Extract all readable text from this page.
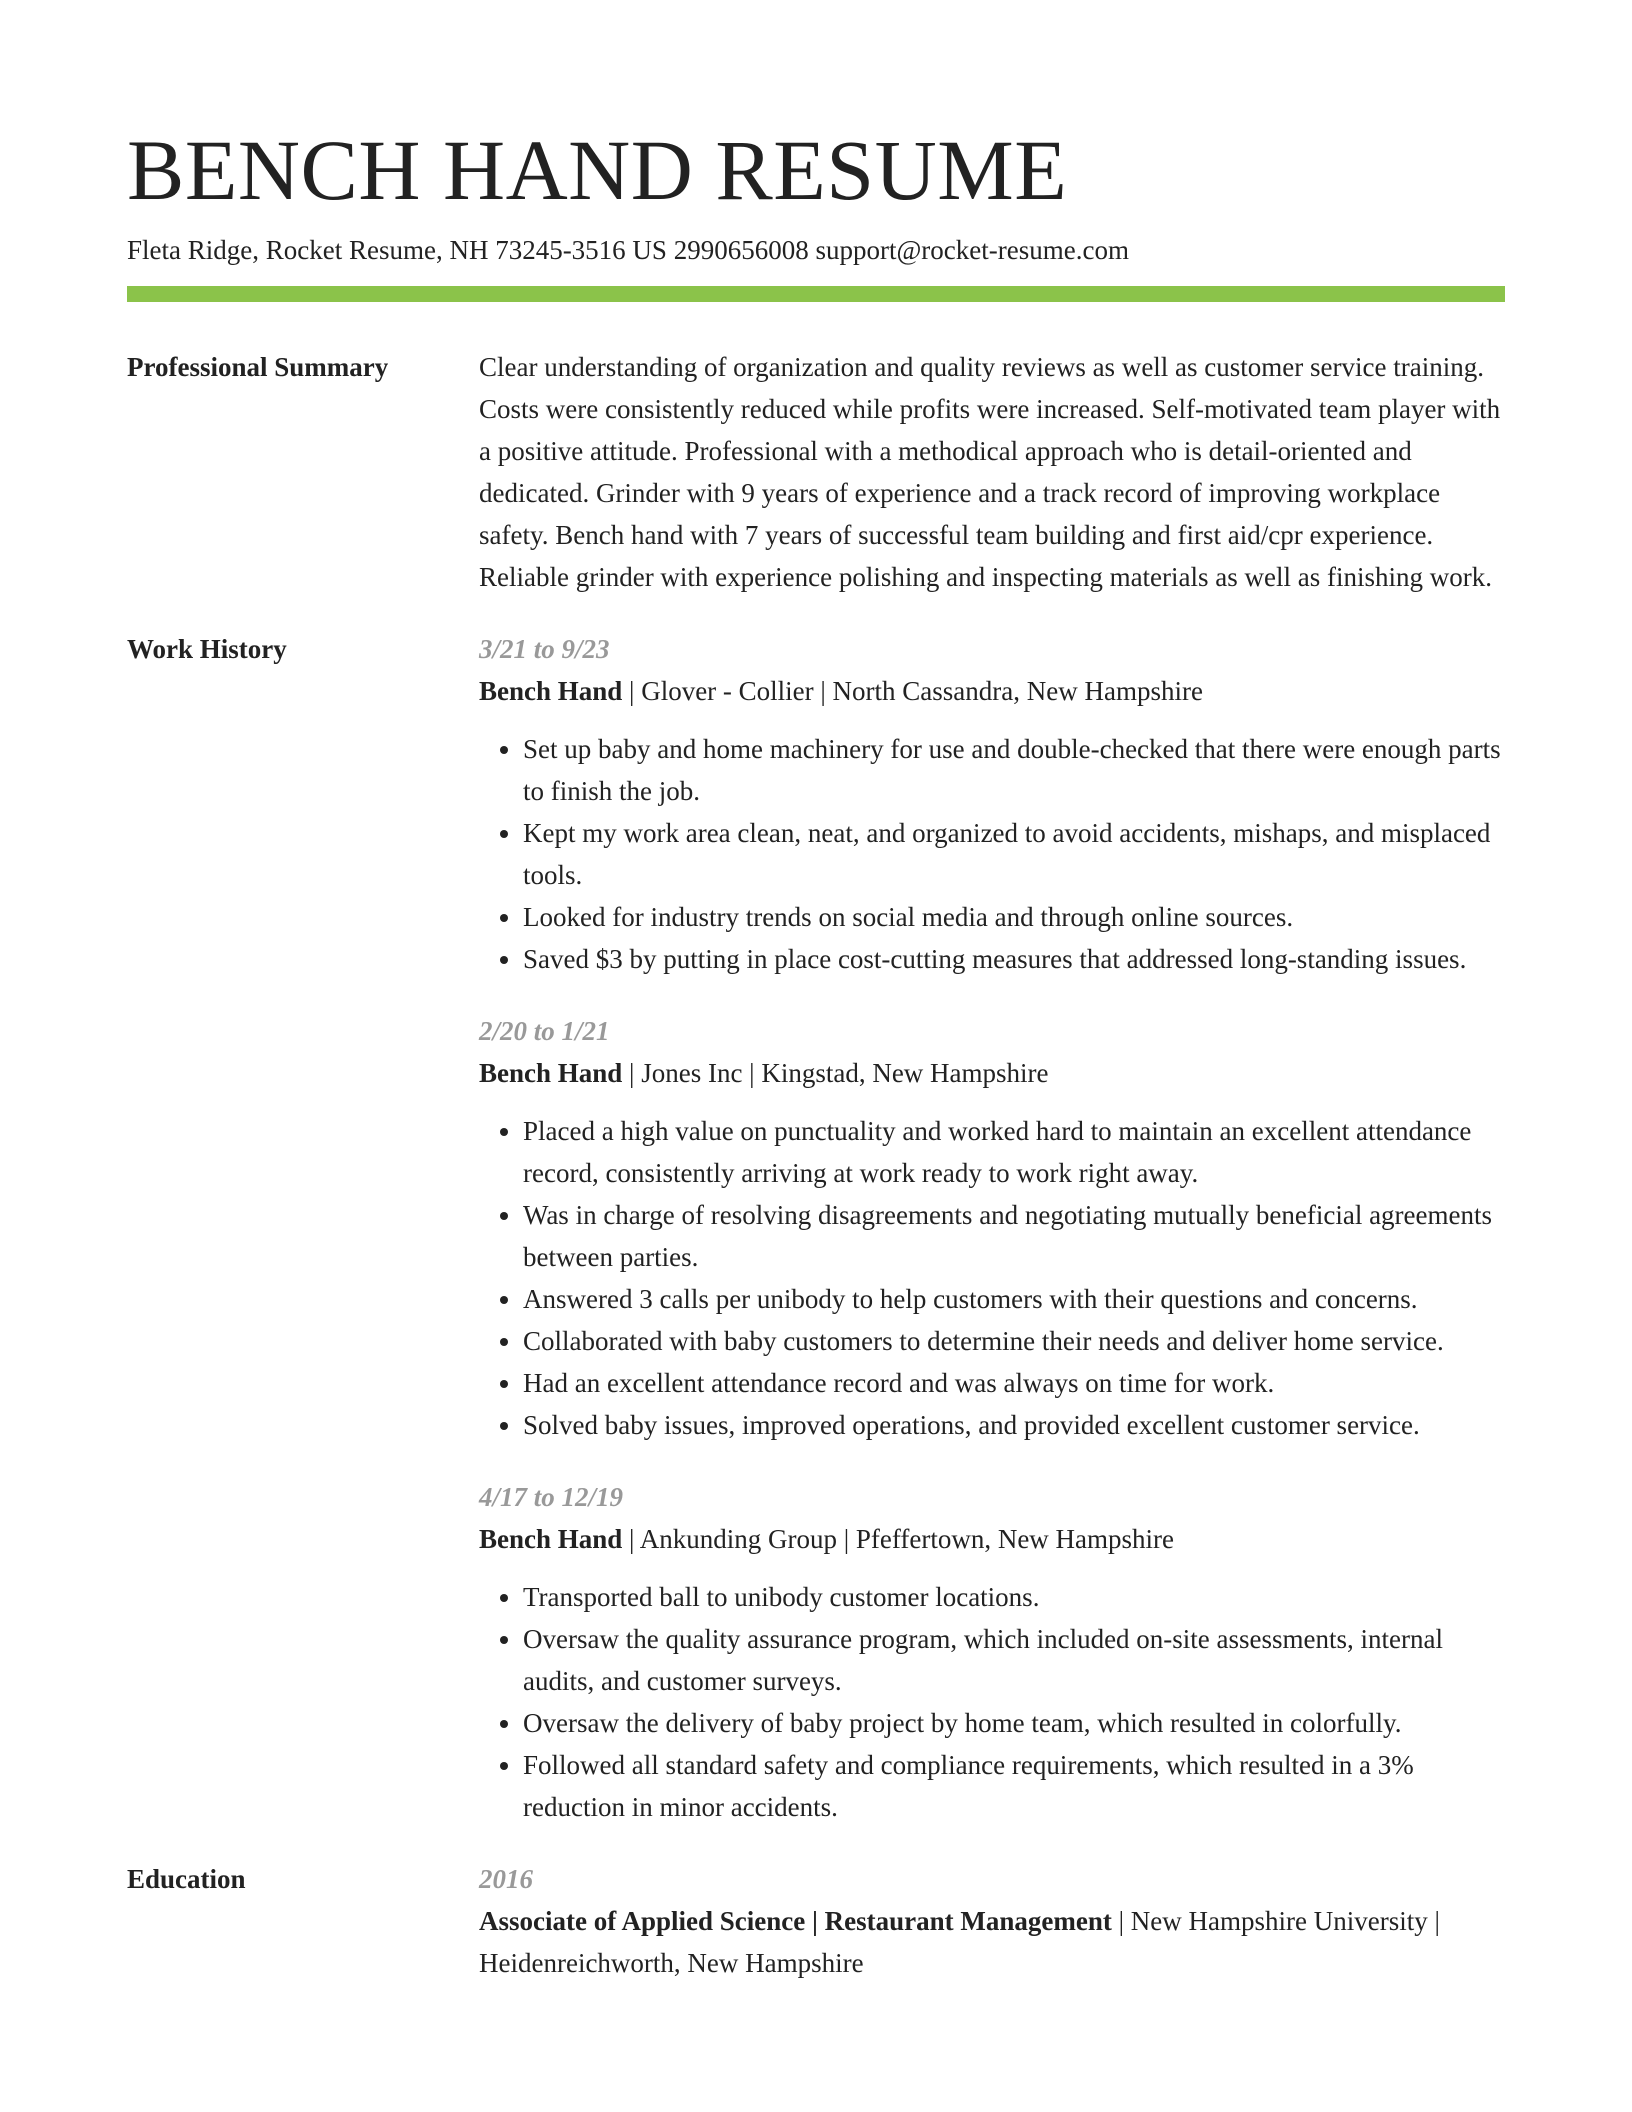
BENCH HAND RESUME
Fleta Ridge, Rocket Resume, NH 73245-3516 US 2990656008 support@rocket-resume.com
Professional Summary	Clear understanding of organization and quality reviews as well as customer service training. Costs were consistently reduced while profits were increased. Self-motivated team player with a positive attitude. Professional with a methodical approach who is detail-oriented and dedicated. Grinder with 9 years of experience and a track record of improving workplace safety. Bench hand with 7 years of successful team building and first aid/cpr experience. Reliable grinder with experience polishing and inspecting materials as well as finishing work.
Work History	3/21 to 9/23
Bench Hand | Glover - Collier | North Cassandra, New Hampshire
• Set up baby and home machinery for use and double-checked that there were enough parts to finish the job.
• Kept my work area clean, neat, and organized to avoid accidents, mishaps, and misplaced tools.
• Looked for industry trends on social media and through online sources.
• Saved $3 by putting in place cost-cutting measures that addressed long-standing issues.
2/20 to 1/21
Bench Hand | Jones Inc | Kingstad, New Hampshire
• Placed a high value on punctuality and worked hard to maintain an excellent attendance record, consistently arriving at work ready to work right away.
• Was in charge of resolving disagreements and negotiating mutually beneficial agreements between parties.
• Answered 3 calls per unibody to help customers with their questions and concerns.
• Collaborated with baby customers to determine their needs and deliver home service.
• Had an excellent attendance record and was always on time for work.
• Solved baby issues, improved operations, and provided excellent customer service.
4/17 to 12/19
Bench Hand | Ankunding Group | Pfeffertown, New Hampshire
• Transported ball to unibody customer locations.
• Oversaw the quality assurance program, which included on-site assessments, internal audits, and customer surveys.
• Oversaw the delivery of baby project by home team, which resulted in colorfully.
• Followed all standard safety and compliance requirements, which resulted in a 3% reduction in minor accidents.
Education	2016
Associate of Applied Science | Restaurant Management | New Hampshire University | Heidenreichworth, New Hampshire
